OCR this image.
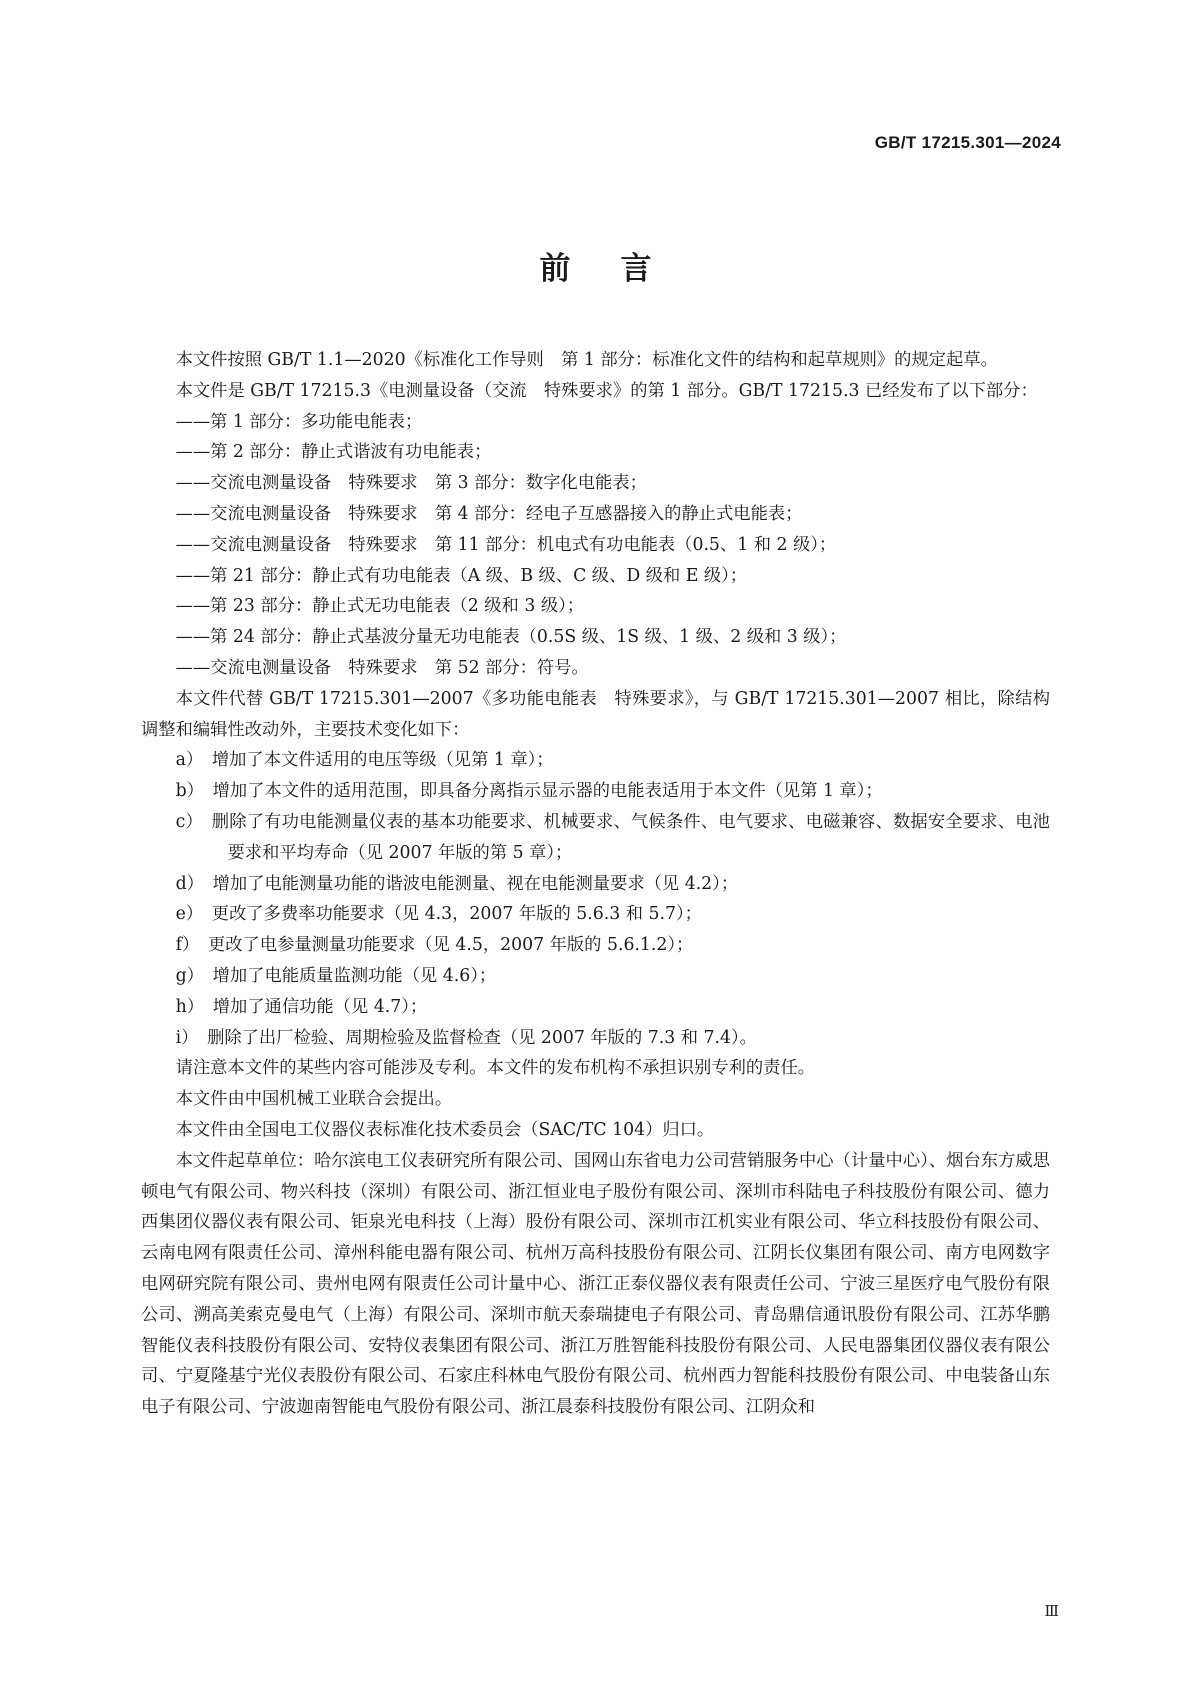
GB/T 17215.301—2024
前言

本文件按照 GB/T 1.1—2020《标准化工作导则　第 1 部分：标准化文件的结构和起草规则》的规定起草。

本文件是 GB/T 17215.3《电测量设备（交流　特殊要求》的第 1 部分。GB/T 17215.3 已经发布了以下部分：

——第 1 部分：多功能电能表；

——第 2 部分：静止式谐波有功电能表；

——交流电测量设备　特殊要求　第 3 部分：数字化电能表；

——交流电测量设备　特殊要求　第 4 部分：经电子互感器接入的静止式电能表；

——交流电测量设备　特殊要求　第 11 部分：机电式有功电能表（0.5、1 和 2 级）；

——第 21 部分：静止式有功电能表（A 级、B 级、C 级、D 级和 E 级）；

——第 23 部分：静止式无功电能表（2 级和 3 级）；

——第 24 部分：静止式基波分量无功电能表（0.5S 级、1S 级、1 级、2 级和 3 级）；

——交流电测量设备　特殊要求　第 52 部分：符号。

本文件代替 GB/T 17215.301—2007《多功能电能表　特殊要求》，与 GB/T 17215.301—2007 相比，除结构调整和编辑性改动外，主要技术变化如下：

a）　 增加了本文件适用的电压等级（见第 1 章）；

b）　 增加了本文件的适用范围，即具备分离指示显示器的电能表适用于本文件（见第 1 章）；

c）　 删除了有功电能测量仪表的基本功能要求、机械要求、气候条件、电气要求、电磁兼容、数据安全要求、电池要求和平均寿命（见 2007 年版的第 5 章）；

d）　 增加了电能测量功能的谐波电能测量、视在电能测量要求（见 4.2）；

e）　 更改了多费率功能要求（见 4.3，2007 年版的 5.6.3 和 5.7）；

f）　 更改了电参量测量功能要求（见 4.5，2007 年版的 5.6.1.2）；

g）　 增加了电能质量监测功能（见 4.6）；

h）　 增加了通信功能（见 4.7）；

i）　 删除了出厂检验、周期检验及监督检查（见 2007 年版的 7.3 和 7.4）。

请注意本文件的某些内容可能涉及专利。本文件的发布机构不承担识别专利的责任。

本文件由中国机械工业联合会提出。

本文件由全国电工仪器仪表标准化技术委员会（SAC/TC 104）归口。

本文件起草单位：哈尔滨电工仪表研究所有限公司、国网山东省电力公司营销服务中心（计量中心）、烟台东方威思顿电气有限公司、物兴科技（深圳）有限公司、浙江恒业电子股份有限公司、深圳市科陆电子科技股份有限公司、德力西集团仪器仪表有限公司、钜泉光电科技（上海）股份有限公司、深圳市江机实业有限公司、华立科技股份有限公司、云南电网有限责任公司、漳州科能电器有限公司、杭州万高科技股份有限公司、江阴长仪集团有限公司、南方电网数字电网研究院有限公司、贵州电网有限责任公司计量中心、浙江正泰仪器仪表有限责任公司、宁波三星医疗电气股份有限公司、溯高美索克曼电气（上海）有限公司、深圳市航天泰瑞捷电子有限公司、青岛鼎信通讯股份有限公司、江苏华鹏智能仪表科技股份有限公司、安特仪表集团有限公司、浙江万胜智能科技股份有限公司、人民电器集团仪器仪表有限公司、宁夏隆基宁光仪表股份有限公司、石家庄科林电气股份有限公司、杭州西力智能科技股份有限公司、中电装备山东电子有限公司、宁波迦南智能电气股份有限公司、浙江晨泰科技股份有限公司、江阴众和

Ⅲ
